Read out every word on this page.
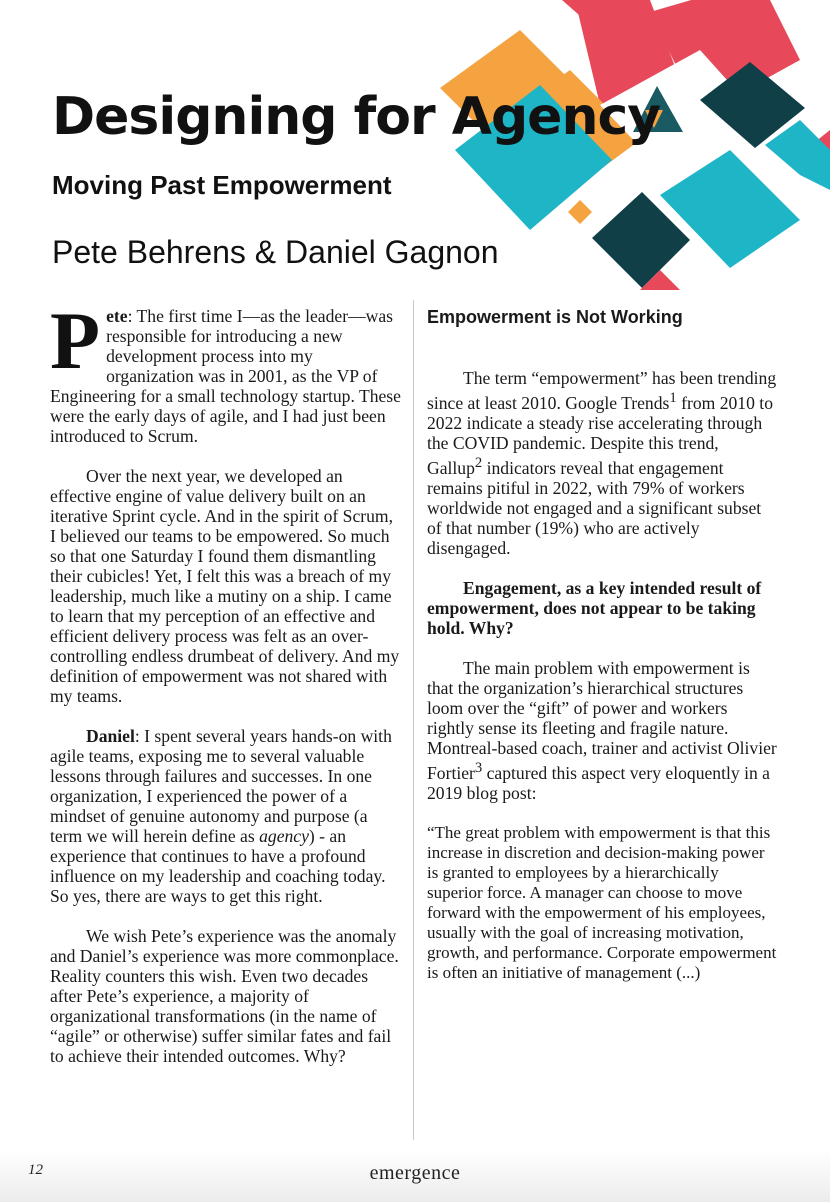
Designing for Agency
Moving Past Empowerment
Pete Behrens & Daniel Gagnon

Pete: The first time I—as the leader—was responsible for introducing a new development process into my organization was in 2001, as the VP of Engineering for a small technology startup. These were the early days of agile, and I had just been introduced to Scrum.

Over the next year, we developed an effective engine of value delivery built on an iterative Sprint cycle. And in the spirit of Scrum, I believed our teams to be empowered. So much so that one Saturday I found them dismantling their cubicles! Yet, I felt this was a breach of my leadership, much like a mutiny on a ship. I came to learn that my perception of an effective and efficient delivery process was felt as an over-controlling endless drumbeat of delivery. And my definition of empowerment was not shared with my teams.

Daniel: I spent several years hands-on with agile teams, exposing me to several valuable lessons through failures and successes. In one organization, I experienced the power of a mindset of genuine autonomy and purpose (a term we will herein define as agency) - an experience that continues to have a profound influence on my leadership and coaching today. So yes, there are ways to get this right.

We wish Pete’s experience was the anomaly and Daniel’s experience was more commonplace. Reality counters this wish. Even two decades after Pete’s experience, a majority of organizational transformations (in the name of “agile” or otherwise) suffer similar fates and fail to achieve their intended outcomes. Why?

Empowerment is Not Working

The term “empowerment” has been trending since at least 2010. Google Trends$^1$ from 2010 to 2022 indicate a steady rise accelerating through the COVID pandemic. Despite this trend, Gallup$^2$ indicators reveal that engagement remains pitiful in 2022, with 79% of workers worldwide not engaged and a significant subset of that number (19%) who are actively disengaged.

Engagement, as a key intended result of empowerment, does not appear to be taking hold. Why?

The main problem with empowerment is that the organization’s hierarchical structures loom over the “gift” of power and workers rightly sense its fleeting and fragile nature. Montreal-based coach, trainer and activist Olivier Fortier$^3$ captured this aspect very eloquently in a 2019 blog post:

“The great problem with empowerment is that this increase in discretion and decision-making power is granted to employees by a hierarchically superior force. A manager can choose to move forward with the empowerment of his employees, usually with the goal of increasing motivation, growth, and performance. Corporate empowerment is often an initiative of management (...)

12	emergence
